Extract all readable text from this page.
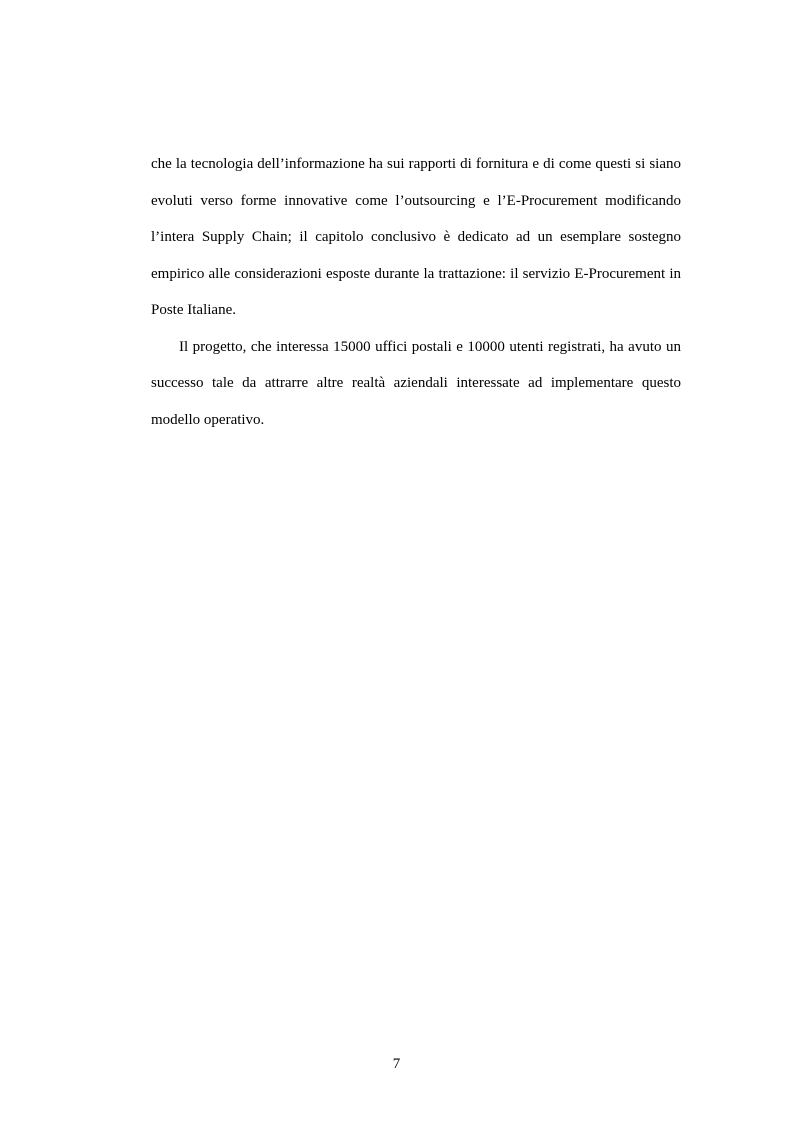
che la tecnologia dell’informazione ha sui rapporti di fornitura e di come questi si siano evoluti verso forme innovative come l’outsourcing e l’E-Procurement modificando l’intera Supply Chain; il capitolo conclusivo è dedicato ad un esemplare sostegno empirico alle considerazioni esposte durante la trattazione: il servizio E-Procurement in Poste Italiane.

Il progetto, che interessa 15000 uffici postali e 10000 utenti registrati, ha avuto un successo tale da attrarre altre realtà aziendali interessate ad implementare questo modello operativo.

7
